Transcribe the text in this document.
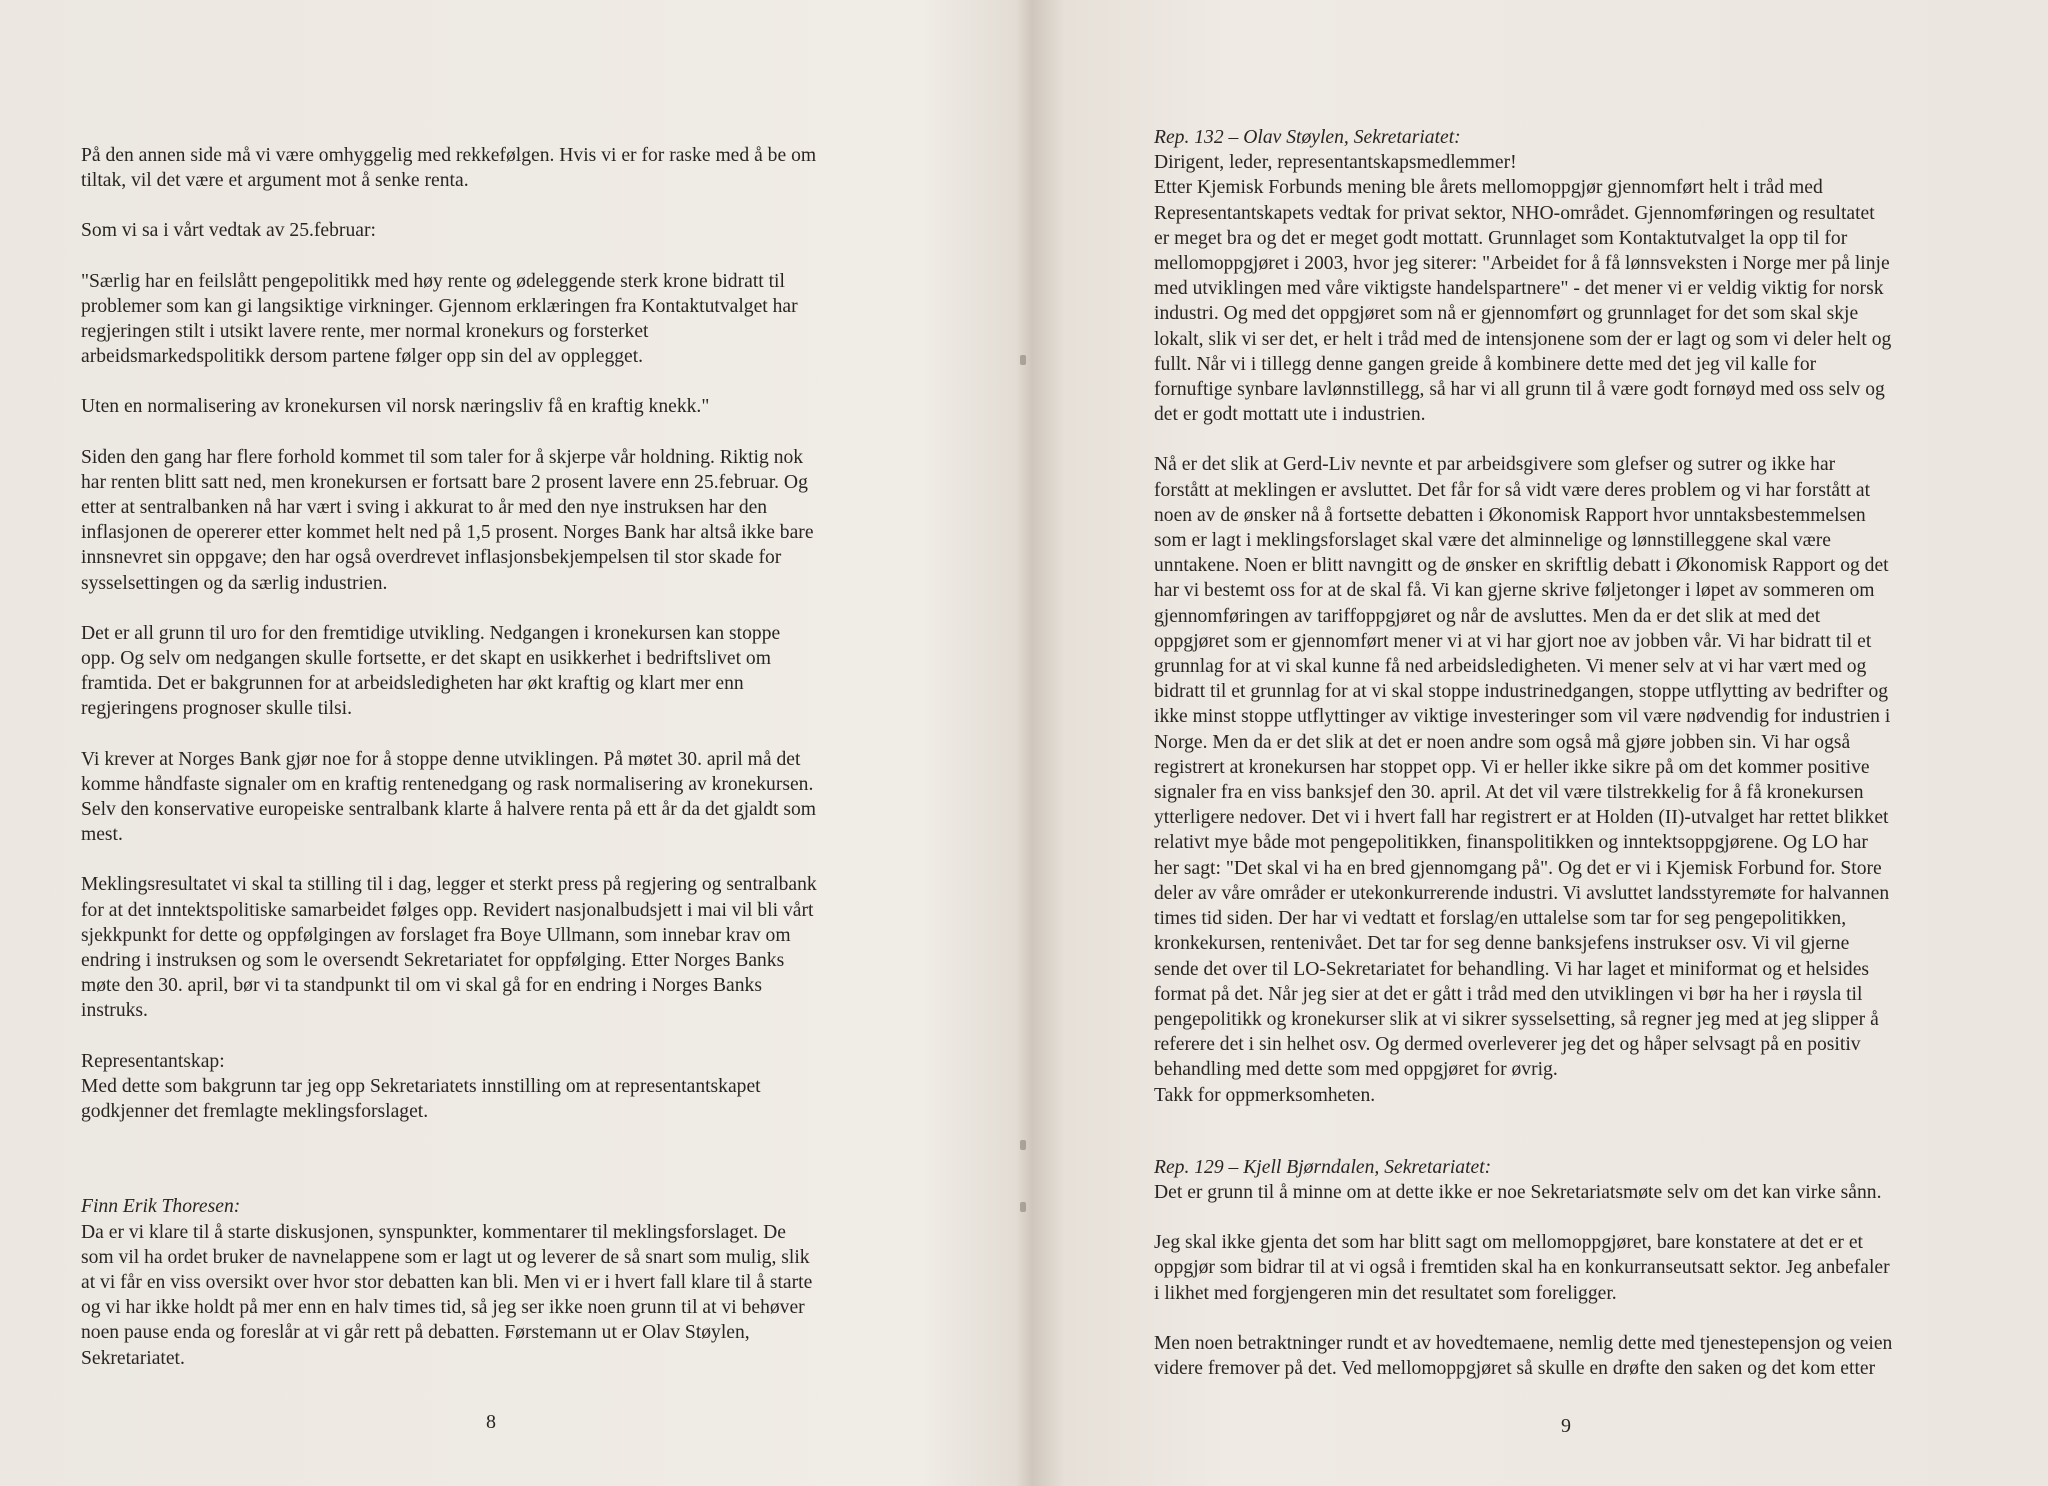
På den annen side må vi være omhyggelig med rekkefølgen. Hvis vi er for raske med å be om
tiltak, vil det være et argument mot å senke renta.

Som vi sa i vårt vedtak av 25.februar:

"Særlig har en feilslått pengepolitikk med høy rente og ødeleggende sterk krone bidratt til
problemer som kan gi langsiktige virkninger. Gjennom erklæringen fra Kontaktutvalget har
regjeringen stilt i utsikt lavere rente, mer normal kronekurs og forsterket
arbeidsmarkedspolitikk dersom partene følger opp sin del av opplegget.

Uten en normalisering av kronekursen vil norsk næringsliv få en kraftig knekk."

Siden den gang har flere forhold kommet til som taler for å skjerpe vår holdning. Riktig nok
har renten blitt satt ned, men kronekursen er fortsatt bare 2 prosent lavere enn 25.februar. Og
etter at sentralbanken nå har vært i sving i akkurat to år med den nye instruksen har den
inflasjonen de opererer etter kommet helt ned på 1,5 prosent. Norges Bank har altså ikke bare
innsnevret sin oppgave; den har også overdrevet inflasjonsbekjempelsen til stor skade for
sysselsettingen og da særlig industrien.

Det er all grunn til uro for den fremtidige utvikling. Nedgangen i kronekursen kan stoppe
opp. Og selv om nedgangen skulle fortsette, er det skapt en usikkerhet i bedriftslivet om
framtida. Det er bakgrunnen for at arbeidsledigheten har økt kraftig og klart mer enn
regjeringens prognoser skulle tilsi.

Vi krever at Norges Bank gjør noe for å stoppe denne utviklingen. På møtet 30. april må det
komme håndfaste signaler om en kraftig rentenedgang og rask normalisering av kronekursen.
Selv den konservative europeiske sentralbank klarte å halvere renta på ett år da det gjaldt som
mest.

Meklingsresultatet vi skal ta stilling til i dag, legger et sterkt press på regjering og sentralbank
for at det inntektspolitiske samarbeidet følges opp. Revidert nasjonalbudsjett i mai vil bli vårt
sjekkpunkt for dette og oppfølgingen av forslaget fra Boye Ullmann, som innebar krav om
endring i instruksen og som le oversendt Sekretariatet for oppfølging. Etter Norges Banks
møte den 30. april, bør vi ta standpunkt til om vi skal gå for en endring i Norges Banks
instruks.

Representantskap:

Med dette som bakgrunn tar jeg opp Sekretariatets innstilling om at representantskapet
godkjenner det fremlagte meklingsforslaget.

Finn Erik Thoresen:

Da er vi klare til å starte diskusjonen, synspunkter, kommentarer til meklingsforslaget. De
som vil ha ordet bruker de navnelappene som er lagt ut og leverer de så snart som mulig, slik
at vi får en viss oversikt over hvor stor debatten kan bli. Men vi er i hvert fall klare til å starte
og vi har ikke holdt på mer enn en halv times tid, så jeg ser ikke noen grunn til at vi behøver
noen pause enda og foreslår at vi går rett på debatten. Førstemann ut er Olav Støylen,
Sekretariatet.

8
Rep. 132 – Olav Støylen, Sekretariatet:

Dirigent, leder, representantskapsmedlemmer!
Etter Kjemisk Forbunds mening ble årets mellomoppgjør gjennomført helt i tråd med
Representantskapets vedtak for privat sektor, NHO-området. Gjennomføringen og resultatet
er meget bra og det er meget godt mottatt. Grunnlaget som Kontaktutvalget la opp til for
mellomoppgjøret i 2003, hvor jeg siterer: "Arbeidet for å få lønnsveksten i Norge mer på linje
med utviklingen med våre viktigste handelspartnere" - det mener vi er veldig viktig for norsk
industri. Og med det oppgjøret som nå er gjennomført og grunnlaget for det som skal skje
lokalt, slik vi ser det, er helt i tråd med de intensjonene som der er lagt og som vi deler helt og
fullt. Når vi i tillegg denne gangen greide å kombinere dette med det jeg vil kalle for
fornuftige synbare lavlønnstillegg, så har vi all grunn til å være godt fornøyd med oss selv og
det er godt mottatt ute i industrien.

Nå er det slik at Gerd-Liv nevnte et par arbeidsgivere som glefser og sutrer og ikke har
forstått at meklingen er avsluttet. Det får for så vidt være deres problem og vi har forstått at
noen av de ønsker nå å fortsette debatten i Økonomisk Rapport hvor unntaksbestemmelsen
som er lagt i meklingsforslaget skal være det alminnelige og lønnstilleggene skal være
unntakene. Noen er blitt navngitt og de ønsker en skriftlig debatt i Økonomisk Rapport og det
har vi bestemt oss for at de skal få. Vi kan gjerne skrive føljetonger i løpet av sommeren om
gjennomføringen av tariffoppgjøret og når de avsluttes. Men da er det slik at med det
oppgjøret som er gjennomført mener vi at vi har gjort noe av jobben vår. Vi har bidratt til et
grunnlag for at vi skal kunne få ned arbeidsledigheten. Vi mener selv at vi har vært med og
bidratt til et grunnlag for at vi skal stoppe industrinedgangen, stoppe utflytting av bedrifter og
ikke minst stoppe utflyttinger av viktige investeringer som vil være nødvendig for industrien i
Norge. Men da er det slik at det er noen andre som også må gjøre jobben sin. Vi har også
registrert at kronekursen har stoppet opp. Vi er heller ikke sikre på om det kommer positive
signaler fra en viss banksjef den 30. april. At det vil være tilstrekkelig for å få kronekursen
ytterligere nedover. Det vi i hvert fall har registrert er at Holden (II)-utvalget har rettet blikket
relativt mye både mot pengepolitikken, finanspolitikken og inntektsoppgjørene. Og LO har
her sagt: "Det skal vi ha en bred gjennomgang på". Og det er vi i Kjemisk Forbund for. Store
deler av våre områder er utekonkurrerende industri. Vi avsluttet landsstyremøte for halvannen
times tid siden. Der har vi vedtatt et forslag/en uttalelse som tar for seg pengepolitikken,
kronkekursen, rentenivået. Det tar for seg denne banksjefens instrukser osv. Vi vil gjerne
sende det over til LO-Sekretariatet for behandling. Vi har laget et miniformat og et helsides
format på det. Når jeg sier at det er gått i tråd med den utviklingen vi bør ha her i røysla til
pengepolitikk og kronekurser slik at vi sikrer sysselsetting, så regner jeg med at jeg slipper å
referere det i sin helhet osv. Og dermed overleverer jeg det og håper selvsagt på en positiv
behandling med dette som med oppgjøret for øvrig.
Takk for oppmerksomheten.

Rep. 129 – Kjell Bjørndalen, Sekretariatet:

Det er grunn til å minne om at dette ikke er noe Sekretariatsmøte selv om det kan virke sånn.

Jeg skal ikke gjenta det som har blitt sagt om mellomoppgjøret, bare konstatere at det er et
oppgjør som bidrar til at vi også i fremtiden skal ha en konkurranseutsatt sektor. Jeg anbefaler
i likhet med forgjengeren min det resultatet som foreligger.

Men noen betraktninger rundt et av hovedtemaene, nemlig dette med tjenestepensjon og veien
videre fremover på det. Ved mellomoppgjøret så skulle en drøfte den saken og det kom etter

9
